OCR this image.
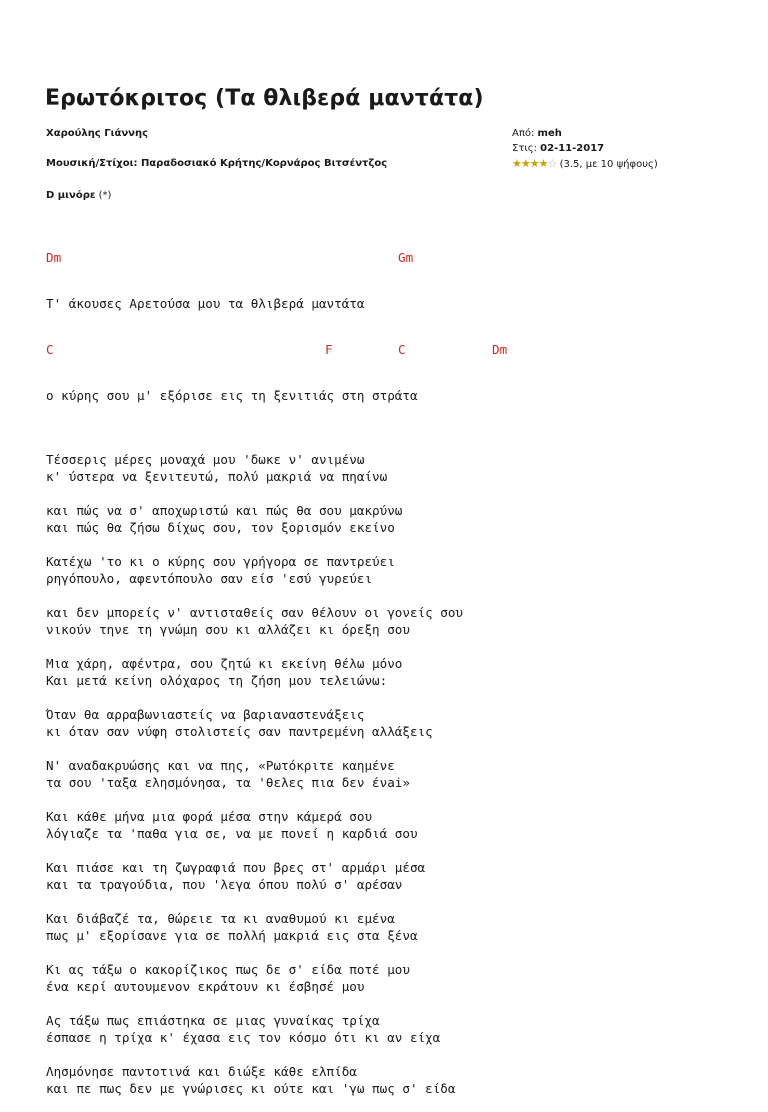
Ερωτόκριτος (Τα θλιβερά μαντάτα)
Χαρούλης Γιάννης
Μουσική/Στίχοι: Παραδοσιακό Κρήτης/Κορνάρος Βιτσέντζος
Από: meh
Στις: 02-11-2017
★★★★☆ (3.5, με 10 ψήφους)
D μινόρε (*)

Dm

	Gm

Τ' άκουσες Αρετούσα μου τα θλιβερά μαντάτα

C

	F

	C

	Dm

ο κύρης σου μ' εξόρισε εις τη ξενιτιάς στη στράτα

Τέσσερις μέρες μοναχά μου 'δωκε ν' ανιμένω
κ' ύστερα να ξενιτευτώ, πολύ μακριά να πηαίνω
και πώς να σ' αποχωριστώ και πώς θα σου μακρύνω
και πώς θα ζήσω δίχως σου, τον ξορισμόν εκείνο
Κατέχω 'το κι ο κύρης σου γρήγορα σε παντρεύει
ρηγόπουλο, αφεντόπουλο σαν είσ 'εσύ γυρεύει
και δεν μπορείς ν' αντισταθείς σαν θέλουν οι γονείς σου
νικούν τηνε τη γνώμη σου κι αλλάζει κι όρεξη σου
Μια χάρη, αφέντρα, σου ζητώ κι εκείνη θέλω μόνο
Και μετά κείνη ολόχαρος τη ζήση μου τελειώνω:
Όταν θα αρραβωνιαστείς να βαριαναστενάξεις
κι όταν σαν νύφη στολιστείς σαν παντρεμένη αλλάξεις
Ν' αναδακρυώσης και να πης, «Ρωτόκριτε καημένε
τα σου 'ταξα ελησμόνησα, τα 'θελες πια δεν ένai»
Και κάθε μήνα μια φορά μέσα στην κάμερά σου
λόγιαζε τα 'παθα για σε, να με πονεί η καρδιά σου
Και πιάσε και τη ζωγραφιά που βρες στ' αρμάρι μέσα
και τα τραγούδια, που 'λεγα όπου πολύ σ' αρέσαν
Και διάβαζέ τα, θώρειε τα κι αναθυμού κι εμένα
πως μ' εξορίσανε για σε πολλή μακριά εις στα ξένα
Κι ας τάξω ο κακορίζικος πως δε σ' είδα ποτέ μου
ένα κερί αυτουμενον εκράτουν κι έσβησέ μου
Ας τάξω πως επιάστηκα σε μιας γυναίκας τρίχα
έσπασε η τρίχα κ' έχασα εις τον κόσμο ότι κι αν είχα
Λησμόνησε παντοτινά και διώξε κάθε ελπίδα
και πε πως δεν με γνώρισες κι ούτε και 'γω πως σ' είδα
